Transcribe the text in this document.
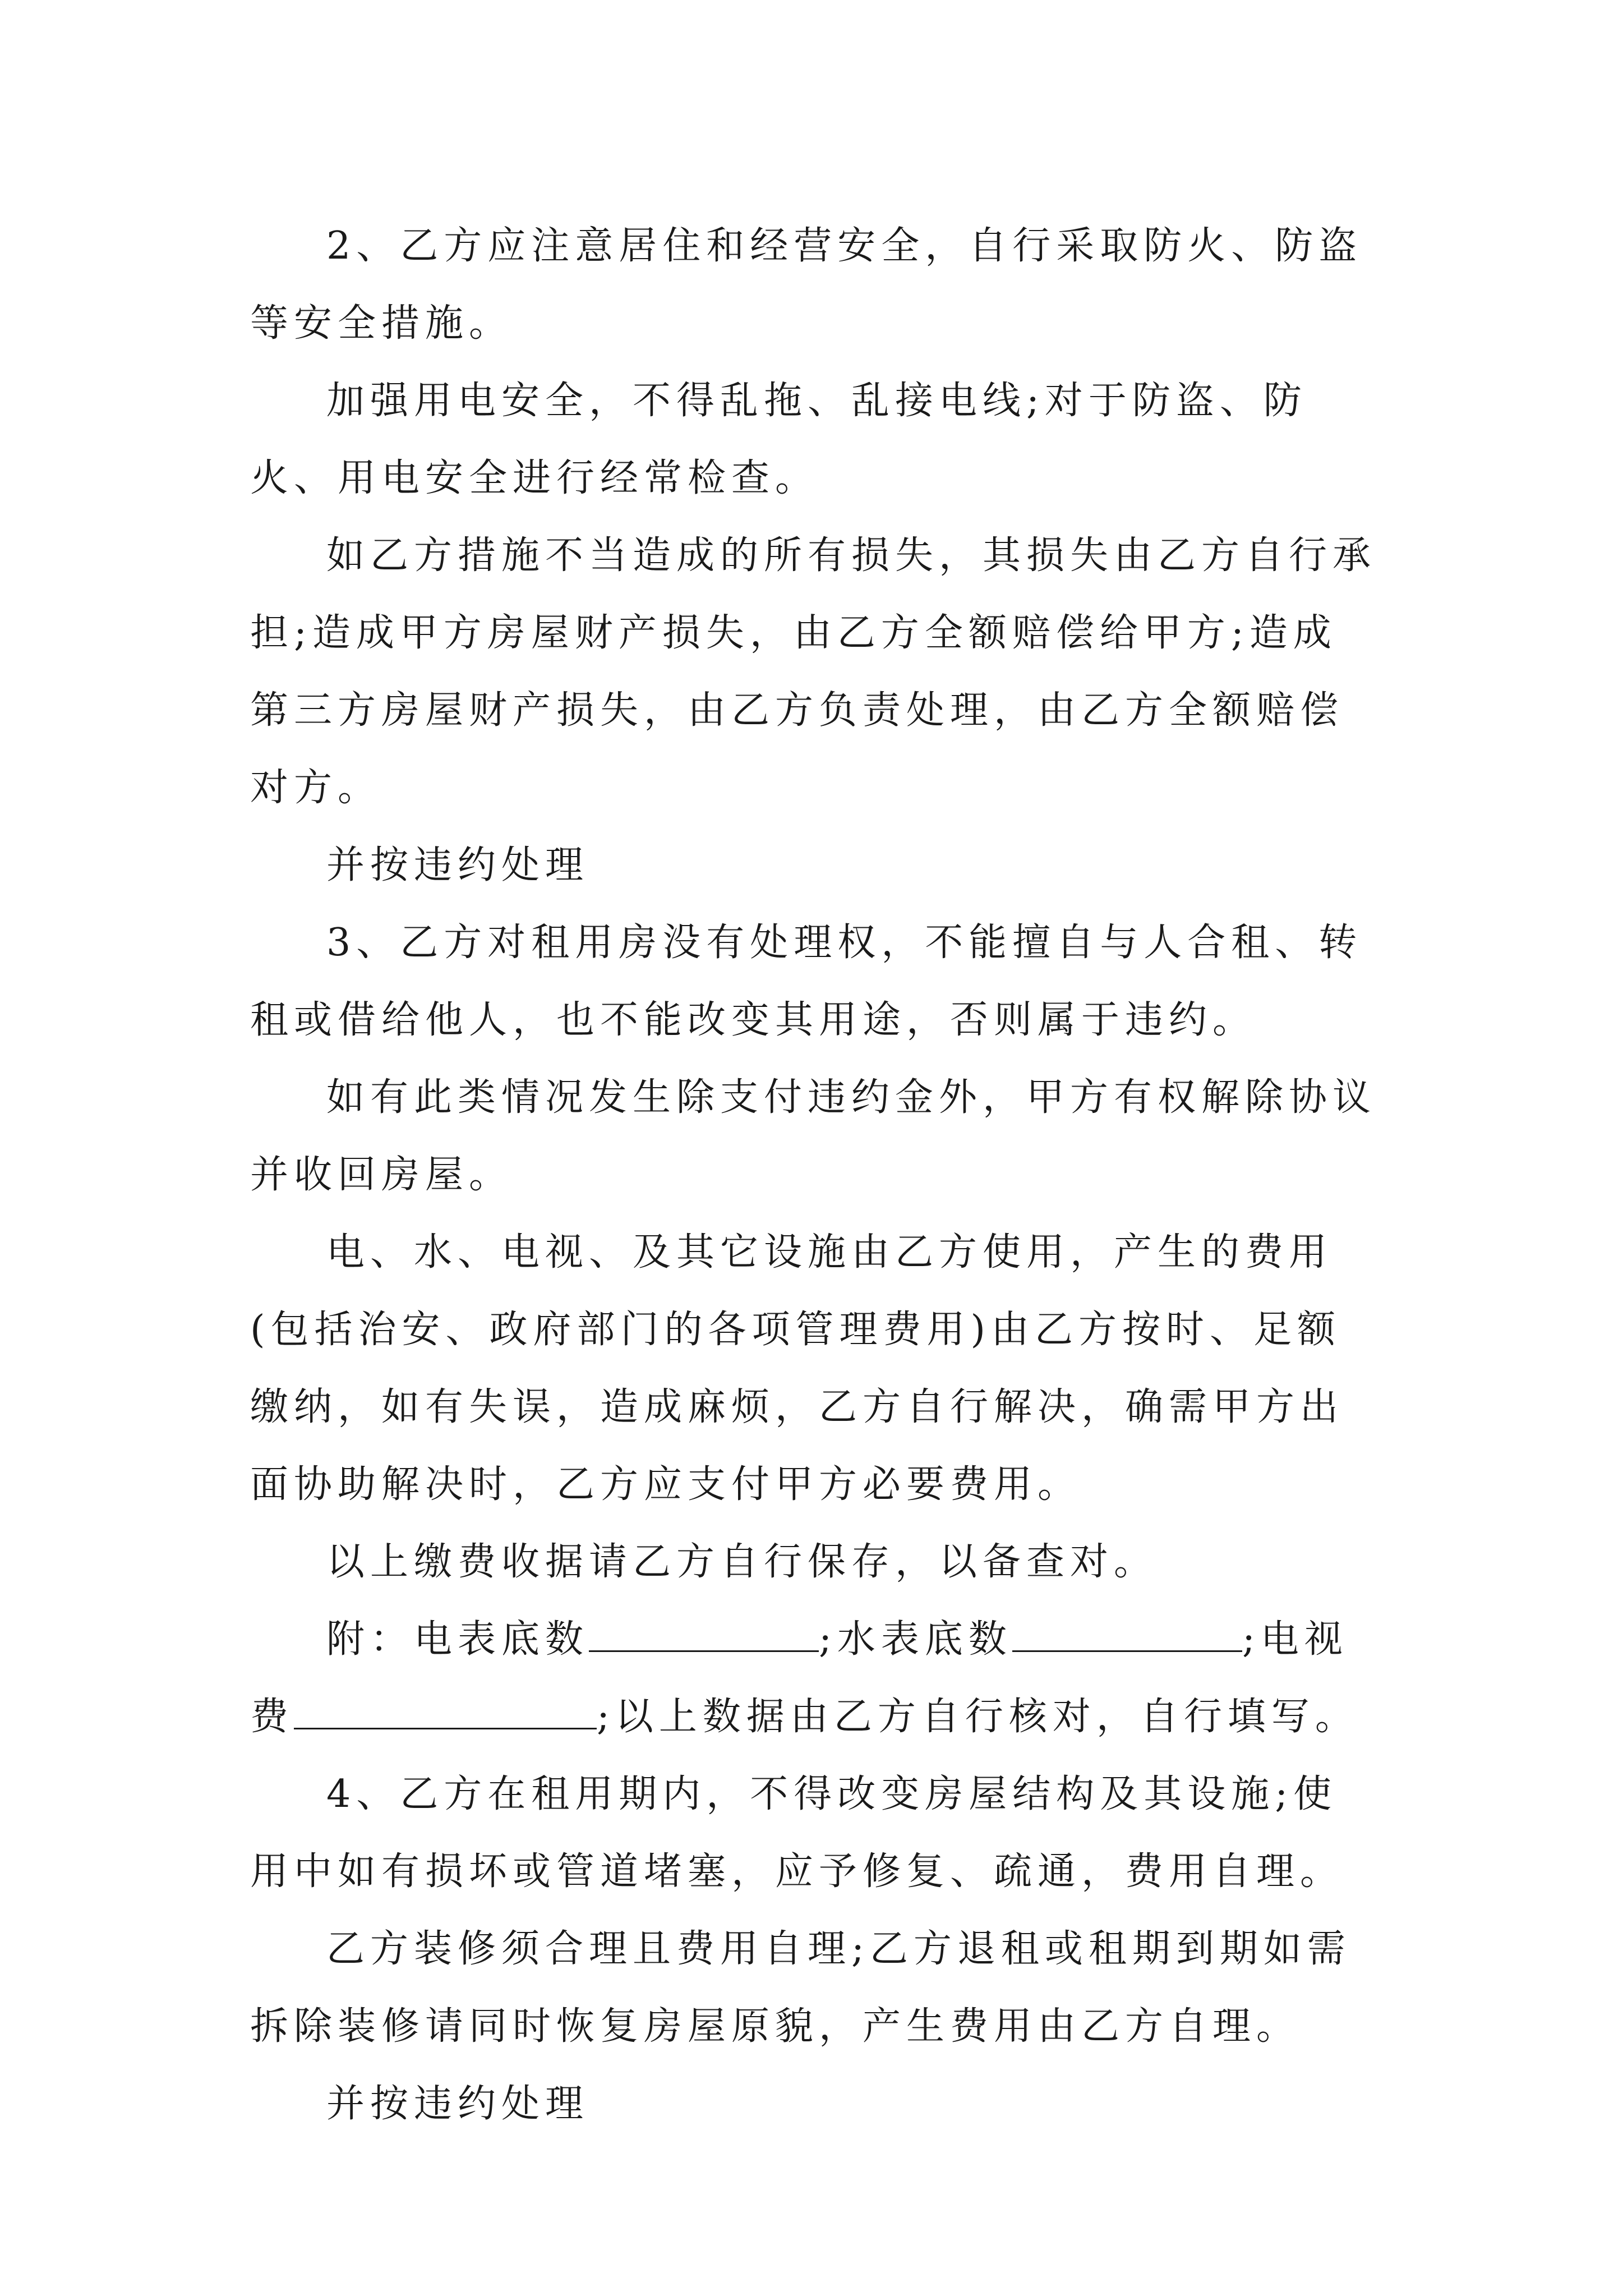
2、乙方应注意居住和经营安全，自行采取防火、防盗等安全措施。

加强用电安全，不得乱拖、乱接电线;对于防盗、防火、用电安全进行经常检查。

如乙方措施不当造成的所有损失，其损失由乙方自行承担;造成甲方房屋财产损失，由乙方全额赔偿给甲方;造成第三方房屋财产损失，由乙方负责处理，由乙方全额赔偿对方。

并按违约处理

3、乙方对租用房没有处理权，不能擅自与人合租、转租或借给他人，也不能改变其用途，否则属于违约。

如有此类情况发生除支付违约金外，甲方有权解除协议并收回房屋。

电、水、电视、及其它设施由乙方使用，产生的费用(包括治安、政府部门的各项管理费用)由乙方按时、足额缴纳，如有失误，造成麻烦，乙方自行解决，确需甲方出面协助解决时，乙方应支付甲方必要费用。

以上缴费收据请乙方自行保存，以备查对。

附：电表底数	;水表底数	;电视费	;以上数据由乙方自行核对，自行填写。

4、乙方在租用期内，不得改变房屋结构及其设施;使用中如有损坏或管道堵塞，应予修复、疏通，费用自理。

乙方装修须合理且费用自理;乙方退租或租期到期如需拆除装修请同时恢复房屋原貌，产生费用由乙方自理。

并按违约处理
